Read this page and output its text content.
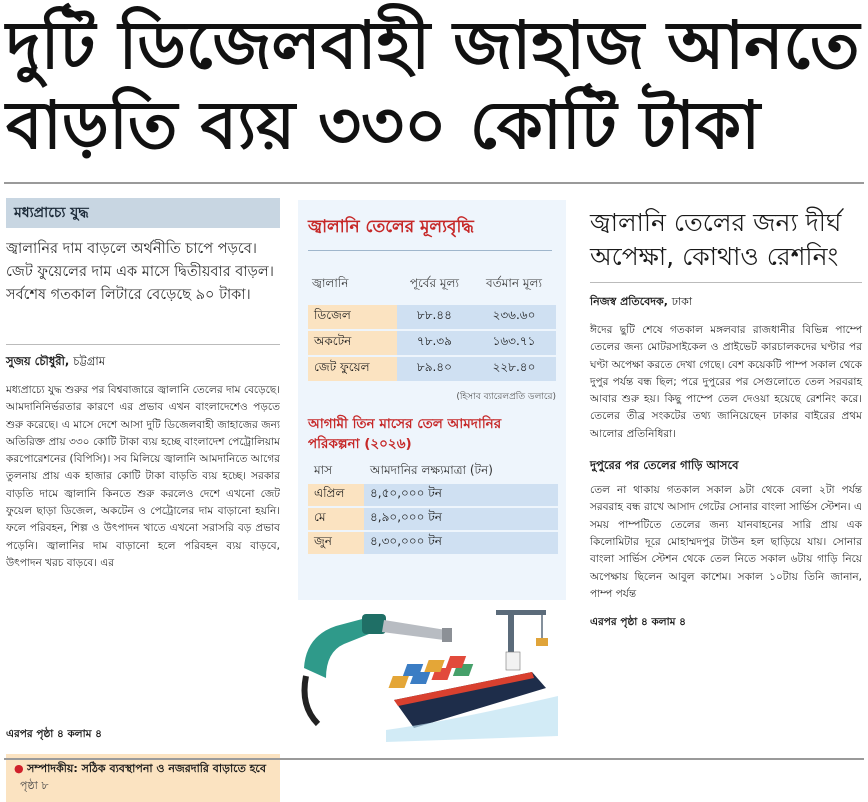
দুটি ডিজেলবাহী জাহাজ আনতে
বাড়তি ব্যয় ৩৩০ কোটি টাকা
মধ্যপ্রাচ্যে যুদ্ধ
জ্বালানির দাম বাড়লে অর্থনীতি চাপে পড়বে। জেট ফুয়েলের দাম এক মাসে দ্বিতীয়বার বাড়ল। সর্বশেষ গতকাল লিটারে বেড়েছে ৯০ টাকা।
সুজয় চৌধুরী, চট্টগ্রাম
মধ্যপ্রাচ্যে যুদ্ধ শুরুর পর বিশ্ববাজারে জ্বালানি তেলের দাম বেড়েছে। আমদানিনির্ভরতার কারণে এর প্রভাব এখন বাংলাদেশেও পড়তে শুরু করেছে। এ মাসে দেশে আসা দুটি ডিজেলবাহী জাহাজের জন্য অতিরিক্ত প্রায় ৩৩০ কোটি টাকা ব্যয় হচ্ছে বাংলাদেশ পেট্রোলিয়াম করপোরেশনের (বিপিসি)। সব মিলিয়ে জ্বালানি আমদানিতে আগের তুলনায় প্রায় এক হাজার কোটি টাকা বাড়তি ব্যয় হচ্ছে। সরকার বাড়তি দামে জ্বালানি কিনতে শুরু করলেও দেশে এখনো জেট ফুয়েল ছাড়া ডিজেল, অকটেন ও পেট্রোলের দাম বাড়ানো হয়নি। ফলে পরিবহন, শিল্প ও উৎপাদন খাতে এখনো সরাসরি বড় প্রভাব পড়েনি। জ্বালানির দাম বাড়ানো হলে পরিবহন ব্যয় বাড়বে, উৎপাদন খরচ বাড়বে। এর
এরপর পৃষ্ঠা ৪ কলাম ৪
● সম্পাদকীয়: সঠিক ব্যবস্থাপনা ও নজরদারি বাড়াতে হবে পৃষ্ঠা ৮
জ্বালানি তেলের মূল্যবৃদ্ধি
জ্বালানি	পূর্বের মূল্য	বর্তমান মূল্য
ডিজেল	৮৮.৪৪	২৩৬.৬০
অকটেন	৭৮.৩৯	১৬৩.৭১
জেট ফুয়েল	৮৯.৪০	২২৮.৪০
(হিসাব ব্যারেলপ্রতি ডলারে)
আগামী তিন মাসের তেল আমদানির পরিকল্পনা (২০২৬)
মাস	আমদানির লক্ষ্যমাত্রা (টন)
এপ্রিল	৪,৫০,০০০ টন
মে	৪,৯০,০০০ টন
জুন	৪,৩০,০০০ টন
জ্বালানি তেলের জন্য দীর্ঘ অপেক্ষা, কোথাও রেশনিং
নিজস্ব প্রতিবেদক, ঢাকা
ঈদের ছুটি শেষে গতকাল মঙ্গলবার রাজধানীর বিভিন্ন পাম্পে তেলের জন্য মোটরসাইকেল ও প্রাইভেট কারচালকদের ঘণ্টার পর ঘণ্টা অপেক্ষা করতে দেখা গেছে। বেশ কয়েকটি পাম্প সকাল থেকে দুপুর পর্যন্ত বন্ধ ছিল; পরে দুপুরের পর সেগুলোতে তেল সরবরাহ আবার শুরু হয়। কিছু পাম্পে তেল দেওয়া হয়েছে রেশনিং করে। তেলের তীব্র সংকটের তথ্য জানিয়েছেন ঢাকার বাইরের প্রথম আলোর প্রতিনিধিরা।
দুপুরের পর তেলের গাড়ি আসবে
তেল না থাকায় গতকাল সকাল ৯টা থেকে বেলা ২টা পর্যন্ত সরবরাহ বন্ধ রাখে আসাদ গেটের সোনার বাংলা সার্ভিস স্টেশন। এ সময় পাম্পটিতে তেলের জন্য যানবাহনের সারি প্রায় এক কিলোমিটার দূরে মোহাম্মদপুর টাউন হল ছাড়িয়ে যায়। সোনার বাংলা সার্ভিস স্টেশন থেকে তেল নিতে সকাল ৬টায় গাড়ি নিয়ে অপেক্ষায় ছিলেন আবুল কাশেম। সকাল ১০টায় তিনি জানান, পাম্প পর্যন্ত
এরপর পৃষ্ঠা ৪ কলাম ৪
